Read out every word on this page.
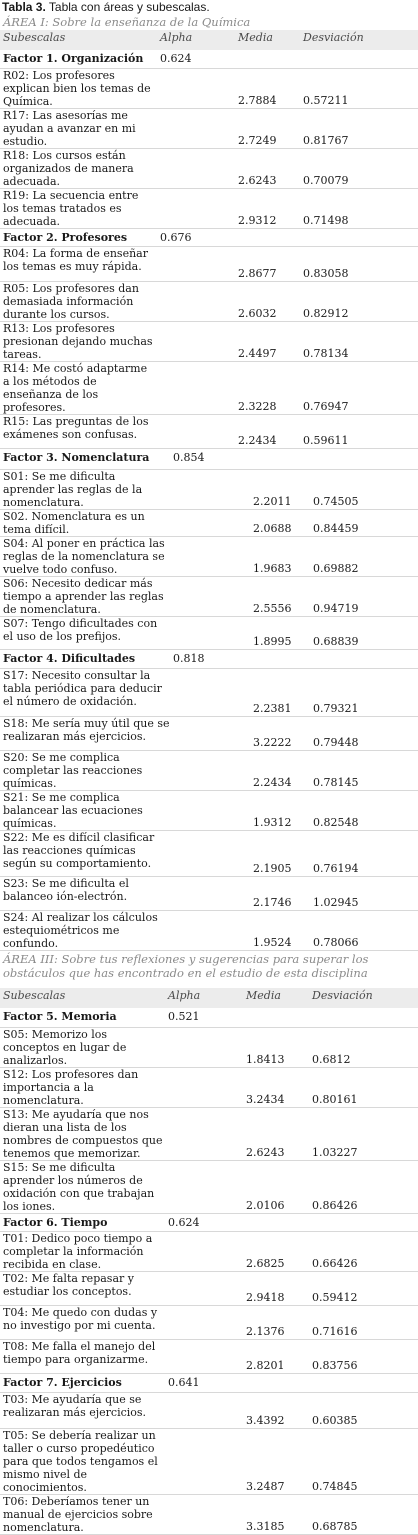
Tabla 3. Tabla con áreas y subescalas.
ÁREA I: Sobre la enseñanza de la Química			

Subescalas	Alpha	Media	Desviación
Factor 1. Organización	0.624		
R02: Los profesores explican bien los temas de Química.		2.7884	0.57211
R17: Las asesorías me ayudan a avanzar en mi estudio.		2.7249	0.81767
R18: Los cursos están organizados de manera adecuada.		2.6243	0.70079
R19: La secuencia entre los temas tratados es adecuada.		2.9312	0.71498
Factor 2. Profesores	0.676		
R04: La forma de enseñar los temas es muy rápida.		2.8677	0.83058
R05: Los profesores dan demasiada información durante los cursos.		2.6032	0.82912
R13: Los profesores presionan dejando muchas tareas.		2.4497	0.78134
R14: Me costó adaptarme a los métodos de enseñanza de los profesores.		2.3228	0.76947
R15: Las preguntas de los exámenes son confusas.		2.2434	0.59611
Factor 3. Nomenclatura	0.854		
S01: Se me dificulta aprender las reglas de la nomenclatura.		2.2011	0.74505
S02. Nomenclatura es un tema difícil.		2.0688	0.84459
S04: Al poner en práctica las reglas de la nomenclatura se vuelve todo confuso.		1.9683	0.69882
S06: Necesito dedicar más tiempo a aprender las reglas de nomenclatura.		2.5556	0.94719
S07: Tengo dificultades con el uso de los prefijos.		1.8995	0.68839
Factor 4. Dificultades	0.818		
S17: Necesito consultar la tabla periódica para deducir el número de oxidación.		2.2381	0.79321
S18: Me sería muy útil que se realizaran más ejercicios.		3.2222	0.79448
S20: Se me complica completar las reacciones químicas.		2.2434	0.78145
S21: Se me complica balancear las ecuaciones químicas.		1.9312	0.82548
S22: Me es difícil clasificar las reacciones químicas según su comportamiento.		2.1905	0.76194
S23: Se me dificulta el balanceo ión-electrón.		2.1746	1.02945
S24: Al realizar los cálculos estequiométricos me confundo.		1.9524	0.78066
ÁREA III: Sobre tus reflexiones y sugerencias para superar los
obstáculos que has encontrado en el estudio de esta disciplina			

Subescalas	Alpha	Media	Desviación
Factor 5. Memoria	0.521		
S05: Memorizo los conceptos en lugar de analizarlos.		1.8413	0.6812
S12: Los profesores dan importancia a la nomenclatura.		3.2434	0.80161
S13: Me ayudaría que nos dieran una lista de los nombres de compuestos que tenemos que memorizar.		2.6243	1.03227
S15: Se me dificulta aprender los números de oxidación con que trabajan los iones.		2.0106	0.86426
Factor 6. Tiempo	0.624		
T01: Dedico poco tiempo a completar la información recibida en clase.		2.6825	0.66426
T02: Me falta repasar y estudiar los conceptos.		2.9418	0.59412
T04: Me quedo con dudas y no investigo por mi cuenta.		2.1376	0.71616
T08: Me falla el manejo del tiempo para organizarme.		2.8201	0.83756
Factor 7. Ejercicios	0.641		
T03: Me ayudaría que se realizaran más ejercicios.		3.4392	0.60385
T05: Se debería realizar un taller o curso propedéutico para que todos tengamos el mismo nivel de conocimientos.		3.2487	0.74845
T06: Deberíamos tener un manual de ejercicios sobre nomenclatura.		3.3185	0.68785
